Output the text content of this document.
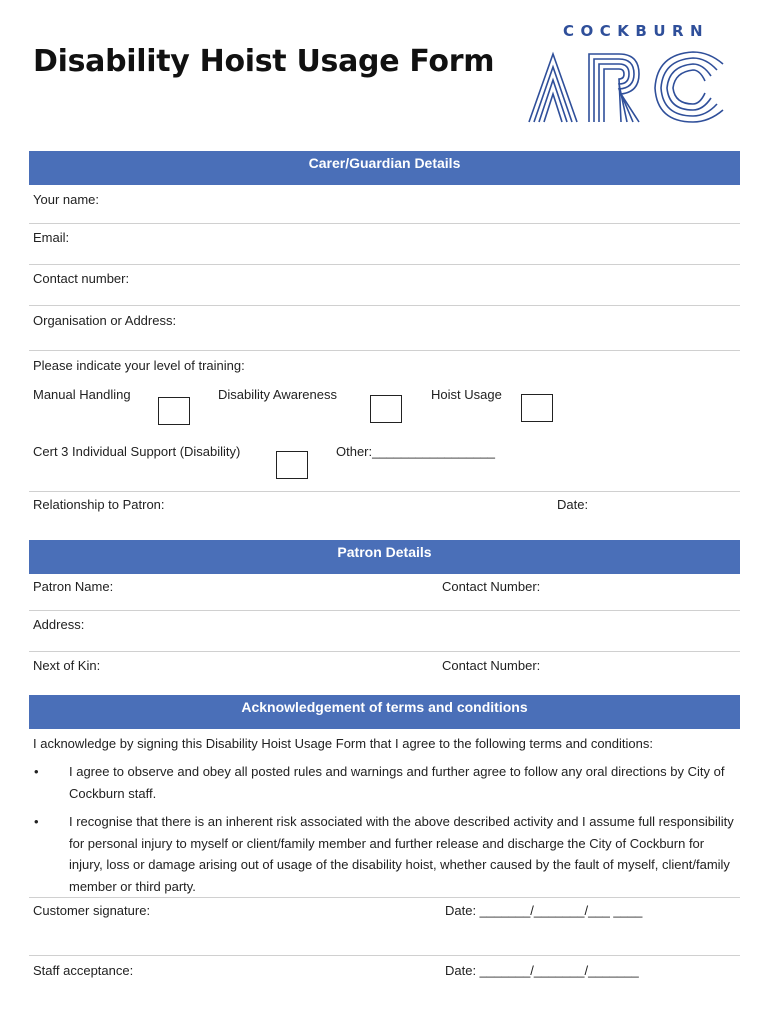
Disability Hoist Usage Form
COCKBURN
Carer/Guardian Details
Your name:
Email:
Contact number:
Organisation or Address:
Please indicate your level of training:
Manual Handling	Disability Awareness	Hoist Usage
Cert 3 Individual Support (Disability)	Other:_________________
Relationship to Patron:	Date:
Patron Details
Patron Name:	Contact Number:
Address:
Next of Kin:	Contact Number:
Acknowledgement of terms and conditions
I acknowledge by signing this Disability Hoist Usage Form that I agree to the following terms and conditions:
• I agree to observe and obey all posted rules and warnings and further agree to follow any oral directions by City of Cockburn staff.
• I recognise that there is an inherent risk associated with the above described activity and I assume full responsibility for personal injury to myself or client/family member and further release and discharge the City of Cockburn for injury, loss or damage arising out of usage of the disability hoist, whether caused by the fault of myself, client/family member or third party.
Customer signature:	Date: _______/_______/___ ____
Staff acceptance:	Date: _______/_______/_______
